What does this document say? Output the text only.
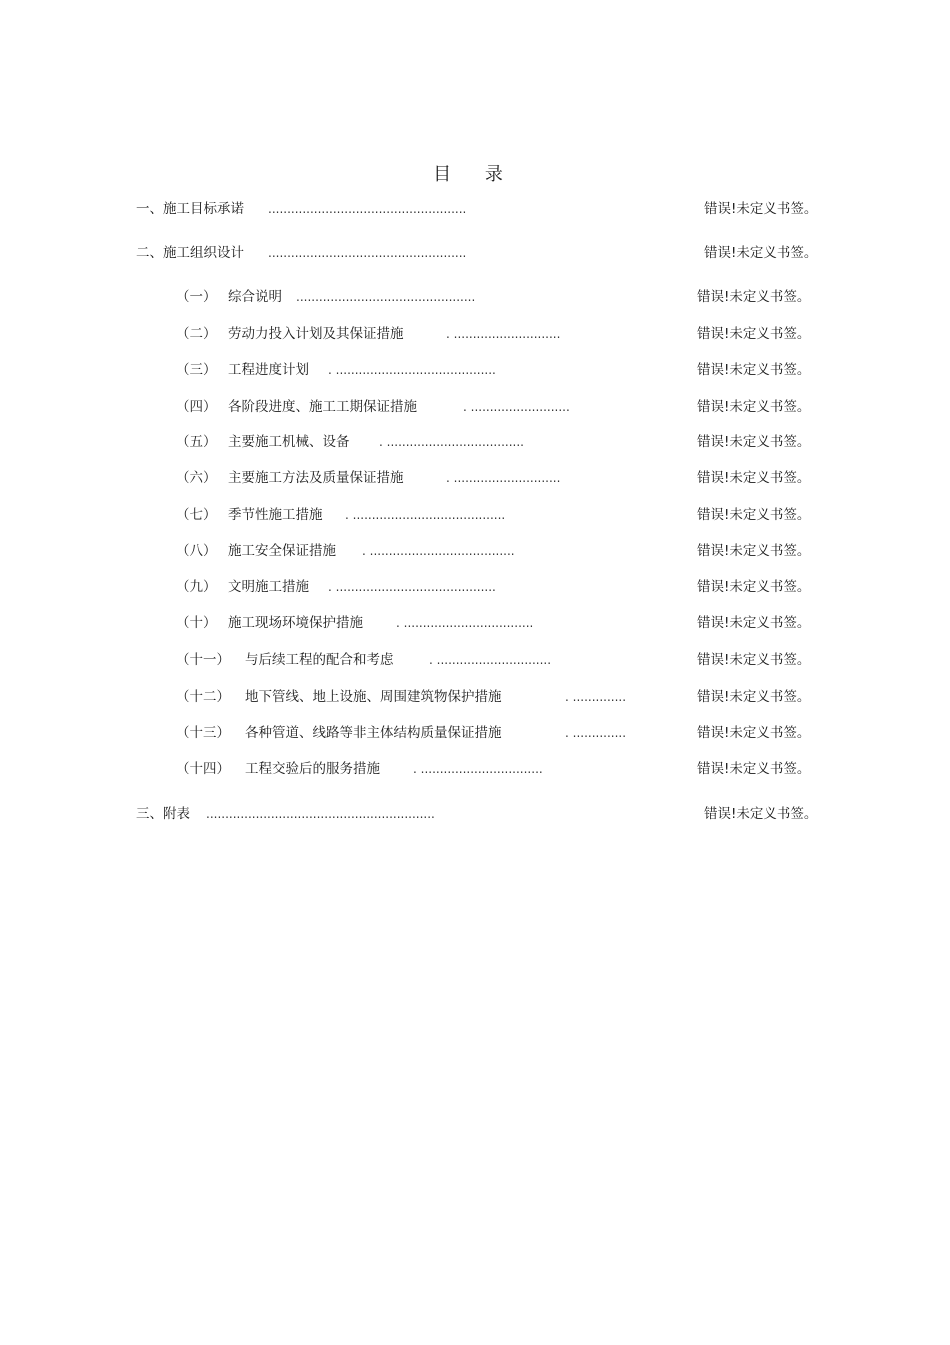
目 录
一、施工目标承诺 ....................................................	错误!未定义书签。
二、施工组织设计 ....................................................	错误!未定义书签。
（一） 综合说明 ...............................................	错误!未定义书签。
（二） 劳动力投入计划及其保证措施	. ............................	错误!未定义书签。
（三） 工程进度计划 . ..........................................	错误!未定义书签。
（四） 各阶段进度、施工工期保证措施	. ..........................	错误!未定义书签。
（五） 主要施工机械、设备 . ....................................	错误!未定义书签。
（六） 主要施工方法及质量保证措施	. ............................	错误!未定义书签。
（七） 季节性施工措施 . ........................................	错误!未定义书签。
（八） 施工安全保证措施 . ......................................	错误!未定义书签。
（九） 文明施工措施 . ..........................................	错误!未定义书签。
（十） 施工现场环境保护措施	. ..................................	错误!未定义书签。
（十一） 与后续工程的配合和考虑	. ..............................	错误!未定义书签。
（十二） 地下管线、地上设施、周围建筑物保护措施	. ..............	错误!未定义书签。
（十三） 各种管道、线路等非主体结构质量保证措施	. ..............	错误!未定义书签。
（十四） 工程交验后的服务措施	. ................................	错误!未定义书签。
三、附表 ............................................................	错误!未定义书签。
